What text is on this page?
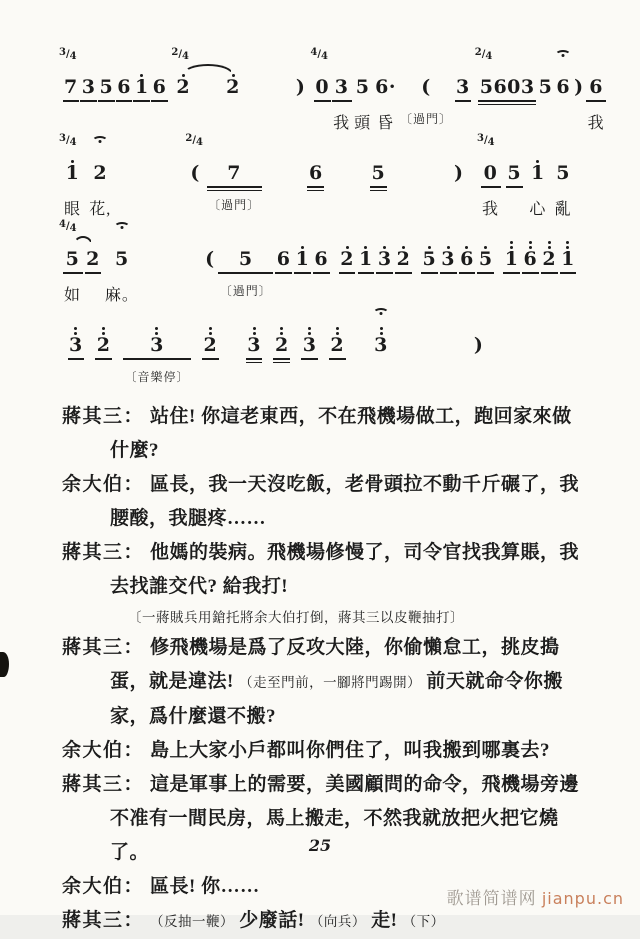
3/4
7 3 5 6 1 6
2/4
2 2	)
4/4
0 3
我
5
頭
6·
昏
(
〔過門〕
3
2/4
5603 5 6 ) 6
我
3/4
1
眼
2
花,
2/4
( 7
〔過門〕
6	5	)
3/4
0
我
5 1
心
5
亂
4/4
5
如
2 5
麻。
( 5
〔過門〕
6 1 6 2 1 3 2 5 3 6 5 1 6 2 1
3 2 3
〔音樂停〕
2 3 2 3 2 3	)
蔣其三： 站住! 你這老東西，不在飛機場做工，跑回家來做什麼?
余大伯： 區長，我一天沒吃飯，老骨頭拉不動千斤碾了，我腰酸，我腿疼……
蔣其三： 他媽的裝病。飛機場修慢了，司令官找我算賬，我去找誰交代? 給我打!
〔一蔣賊兵用鎗托將余大伯打倒，蔣其三以皮鞭抽打〕
蔣其三： 修飛機場是爲了反攻大陸，你偷懶怠工，挑皮搗蛋，就是違法! （走至門前，一腳將門踢開） 前天就命令你搬家，爲什麼還不搬?
余大伯： 島上大家小戶都叫你們住了，叫我搬到哪裏去?
蔣其三： 這是軍事上的需要，美國顧問的命令，飛機場旁邊不准有一間民房，馬上搬走，不然我就放把火把它燒了。
余大伯： 區長! 你……
蔣其三： （反抽一鞭） 少廢話! （向兵） 走! （下）
25
歌谱简谱网 jianpu.cn
